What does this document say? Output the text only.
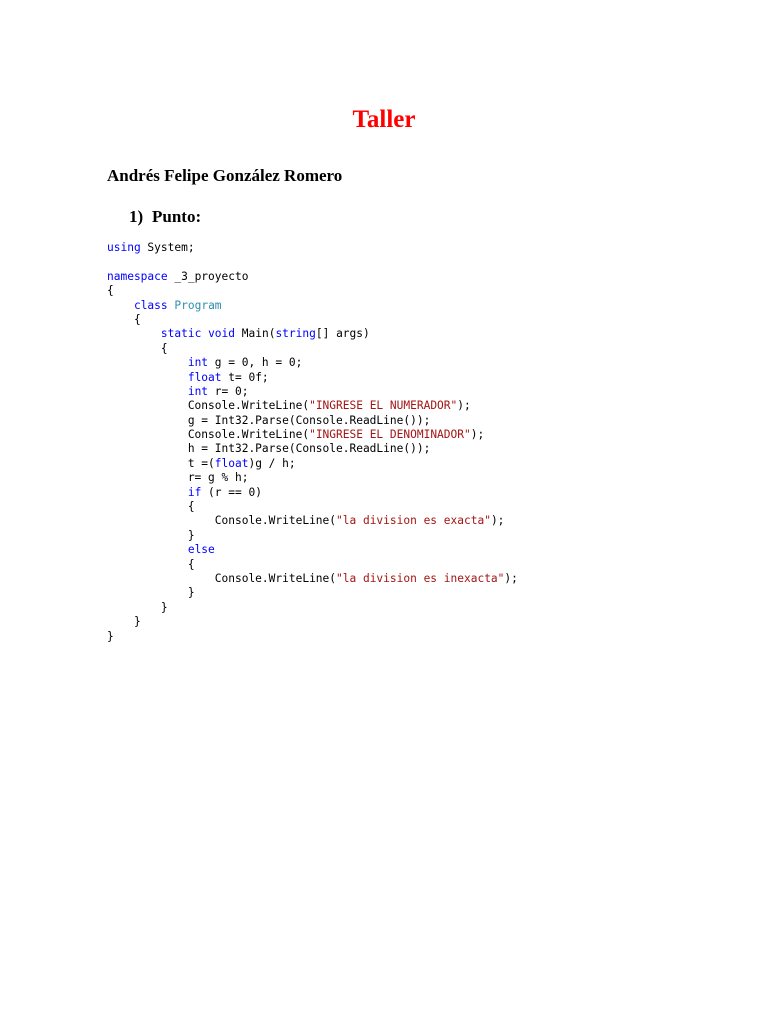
Taller
Andrés Felipe González Romero
1) Punto:
using System;
namespace _3_proyecto
{
class Program
{
static void Main(string[] args)
{
int g = 0, h = 0;
float t= 0f;
int r= 0;
Console.WriteLine("INGRESE EL NUMERADOR");
g = Int32.Parse(Console.ReadLine());
Console.WriteLine("INGRESE EL DENOMINADOR");
h = Int32.Parse(Console.ReadLine());
t =(float)g / h;
r= g % h;
if (r == 0)
{
Console.WriteLine("la division es exacta");
}
else
{
Console.WriteLine("la division es inexacta");
}
}
}
}
